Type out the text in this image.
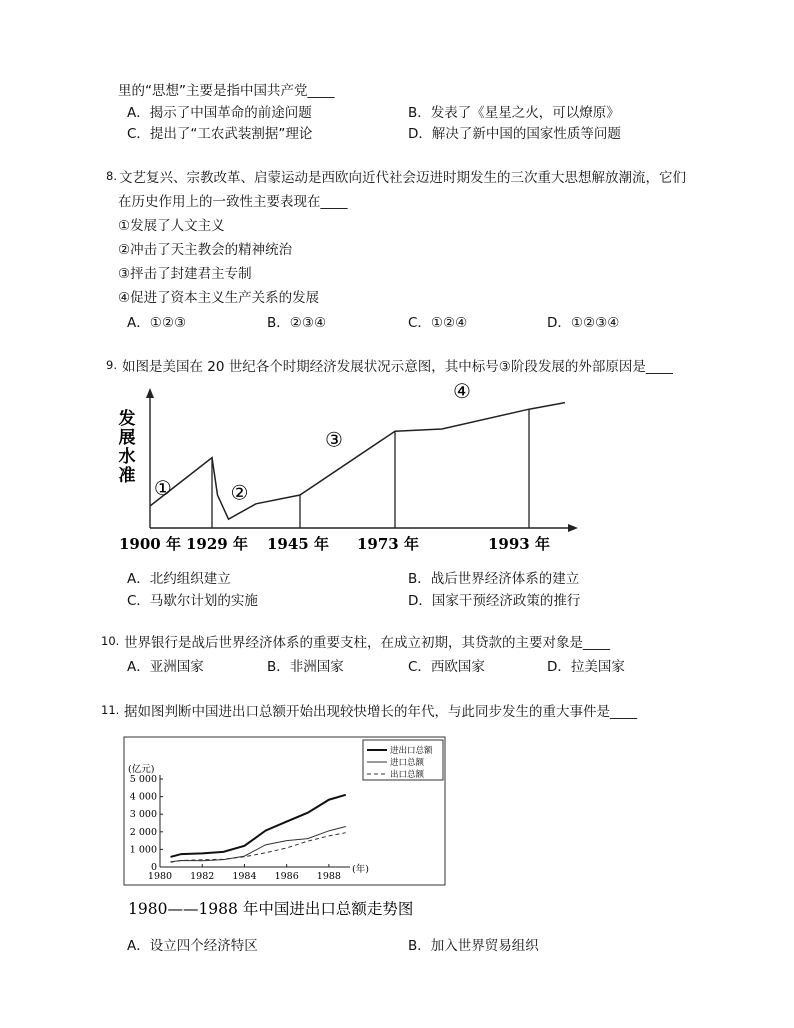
里的“思想”主要是指中国共产党____
A．揭示了中国革命的前途问题	B．发表了《星星之火，可以燎原》
C．提出了“工农武装割据”理论	D．解决了新中国的国家性质等问题
8. 文艺复兴、宗教改革、启蒙运动是西欧向近代社会迈进时期发生的三次重大思想解放潮流，它们
在历史作用上的一致性主要表现在____
①发展了人文主义
②冲击了天主教会的精神统治
③抨击了封建君主专制
④促进了资本主义生产关系的发展
A．①②③	B．②③④	C．①②④	D．①②③④
9. 如图是美国在 20 世纪各个时期经济发展状况示意图，其中标号③阶段发展的外部原因是____
发
展
水
准 ①	②
③
④
1900 年 1929 年 1945 年 1973 年	1993 年
A．北约组织建立	B．战后世界经济体系的建立
C．马歇尔计划的实施	D．国家干预经济政策的推行
10. 世界银行是战后世界经济体系的重要支柱，在成立初期，其贷款的主要对象是____
A．亚洲国家	B．非洲国家	C．西欧国家	D．拉美国家
11. 据如图判断中国进出口总额开始出现较快增长的年代，与此同步发生的重大事件是____
0
1 000
2 000
3 000
4 000
5 000
(亿元)
1980 1982 1984 1986 1988
(年)
进出口总额
进口总额
出口总额
1980——1988 年中国进出口总额走势图
A．设立四个经济特区	B．加入世界贸易组织
